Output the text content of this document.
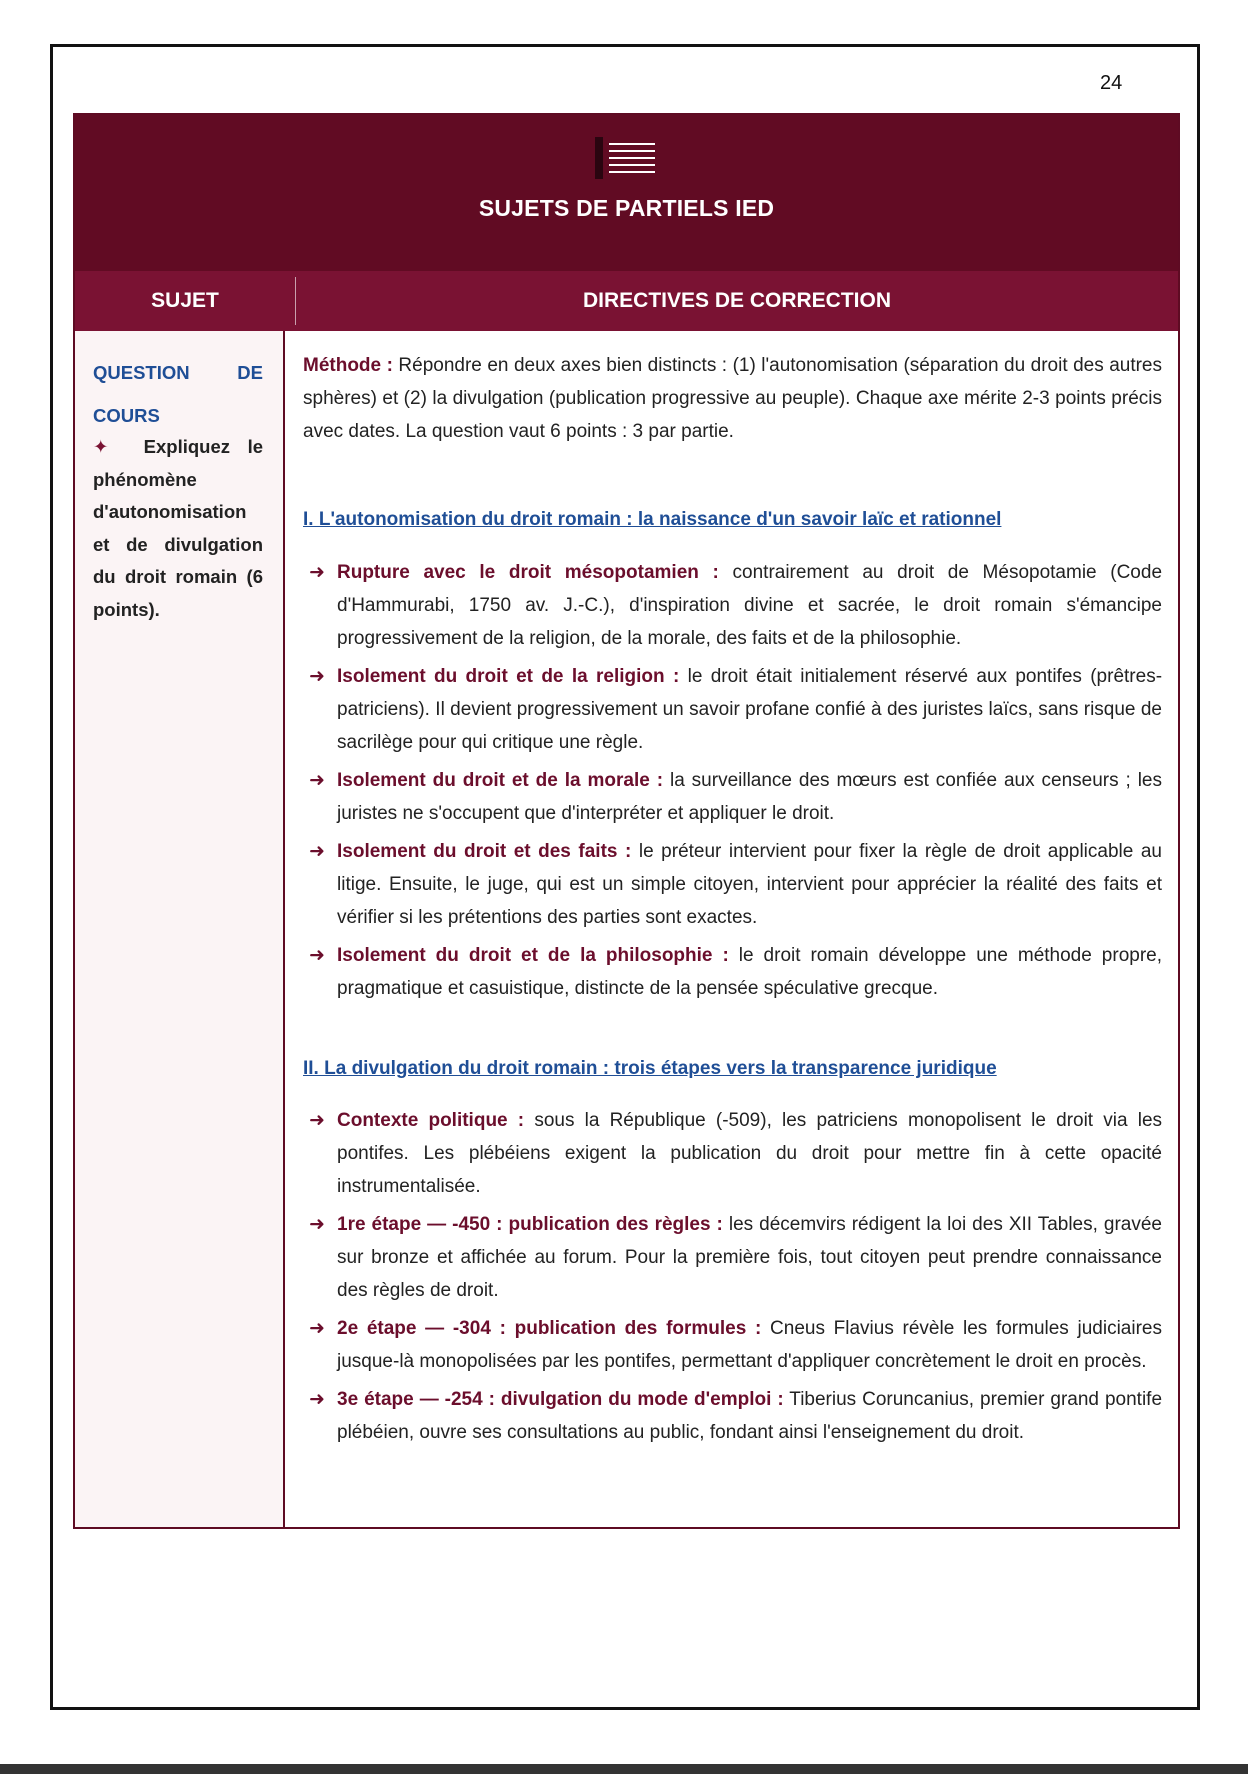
24
SUJETS DE PARTIELS IED
SUJET	DIRECTIVES DE CORRECTION
QUESTION DE COURS
✦ Expliquez le phénomène d'autonomisation et de divulgation du droit romain (6 points).

Méthode : Répondre en deux axes bien distincts : (1) l'autonomisation (séparation du droit des autres sphères) et (2) la divulgation (publication progressive au peuple). Chaque axe mérite 2-3 points précis avec dates. La question vaut 6 points : 3 par partie.

I. L'autonomisation du droit romain : la naissance d'un savoir laïc et rationnel
➜ Rupture avec le droit mésopotamien : contrairement au droit de Mésopotamie (Code d'Hammurabi, 1750 av. J.-C.), d'inspiration divine et sacrée, le droit romain s'émancipe progressivement de la religion, de la morale, des faits et de la philosophie.

➜ Isolement du droit et de la religion : le droit était initialement réservé aux pontifes (prêtres-patriciens). Il devient progressivement un savoir profane confié à des juristes laïcs, sans risque de sacrilège pour qui critique une règle.

➜ Isolement du droit et de la morale : la surveillance des mœurs est confiée aux censeurs ; les juristes ne s'occupent que d'interpréter et appliquer le droit.

➜ Isolement du droit et des faits : le préteur intervient pour fixer la règle de droit applicable au litige. Ensuite, le juge, qui est un simple citoyen, intervient pour apprécier la réalité des faits et vérifier si les prétentions des parties sont exactes.

➜ Isolement du droit et de la philosophie : le droit romain développe une méthode propre, pragmatique et casuistique, distincte de la pensée spéculative grecque.

II. La divulgation du droit romain : trois étapes vers la transparence juridique
➜ Contexte politique : sous la République (-509), les patriciens monopolisent le droit via les pontifes. Les plébéiens exigent la publication du droit pour mettre fin à cette opacité instrumentalisée.

➜ 1re étape — -450 : publication des règles : les décemvirs rédigent la loi des XII Tables, gravée sur bronze et affichée au forum. Pour la première fois, tout citoyen peut prendre connaissance des règles de droit.

➜ 2e étape — -304 : publication des formules : Cneus Flavius révèle les formules judiciaires jusque-là monopolisées par les pontifes, permettant d'appliquer concrètement le droit en procès.

➜ 3e étape — -254 : divulgation du mode d'emploi : Tiberius Coruncanius, premier grand pontife plébéien, ouvre ses consultations au public, fondant ainsi l'enseignement du droit.
